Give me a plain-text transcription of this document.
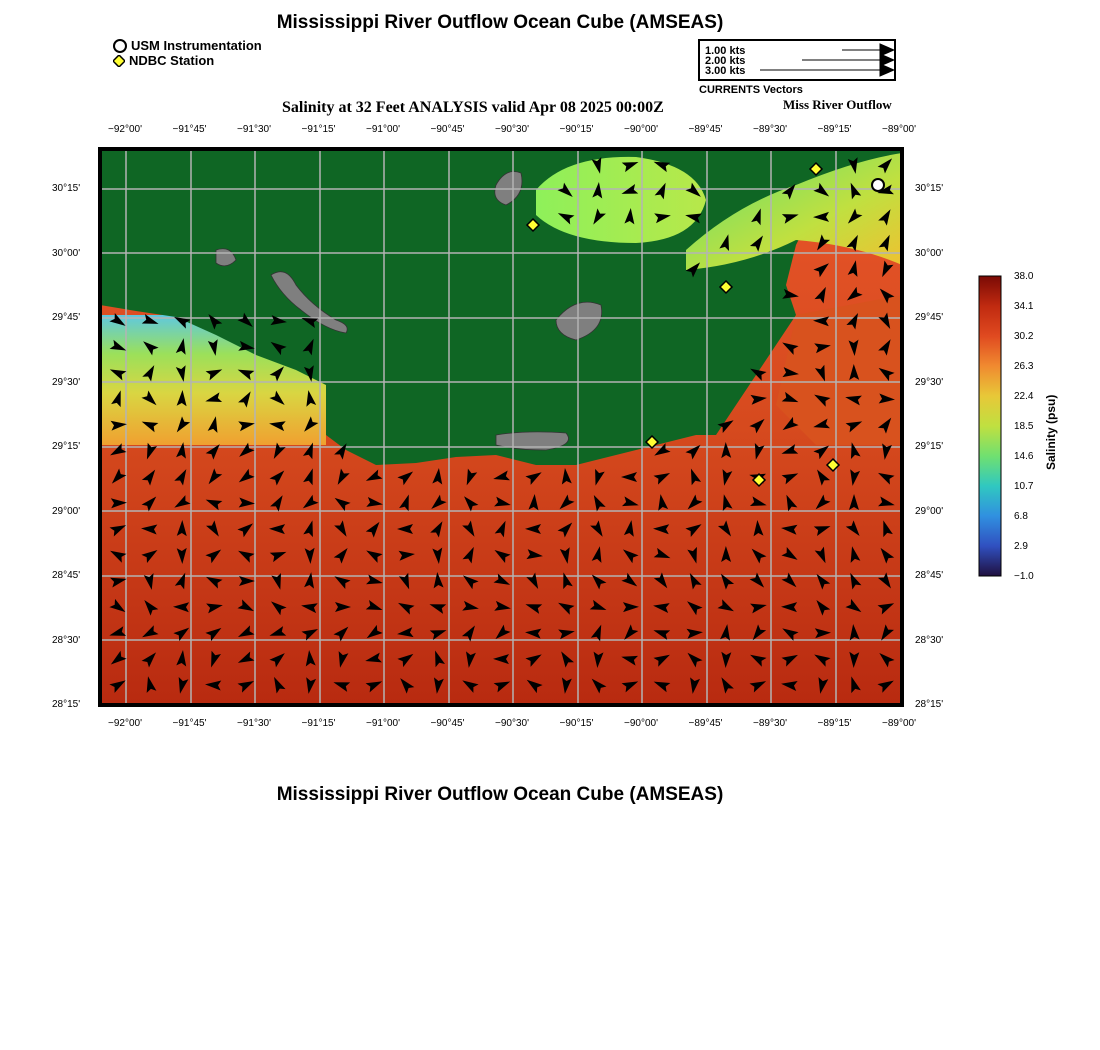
Mississippi River Outflow Ocean Cube (AMSEAS)
USM Instrumentation
NDBC Station
1.00 kts
2.00 kts
3.00 kts
CURRENTS Vectors
Salinity at 32 Feet ANALYSIS valid Apr 08 2025 00:00Z	Miss River Outflow
−92°00'	−91°45'	−91°30'	−91°15'	−91°00'	−90°45'	−90°30'	−90°15'	−90°00'	−89°45'	−89°30'	−89°15'	−89°00'
−92°00'	−91°45'	−91°30'	−91°15'	−91°00'	−90°45'	−90°30'	−90°15'	−90°00'	−89°45'	−89°30'	−89°15'	−89°00'
30°15'
30°00'
29°45'
29°30'
29°15'
29°00'
28°45'
28°30'
28°15'
30°15'
30°00'
29°45'
29°30'
29°15'
29°00'
28°45'
28°30'
28°15'
38.0
34.1
30.2
26.3
22.4
18.5
14.6
10.7
6.8
2.9
−1.0
Salinity (psu)
Mississippi River Outflow Ocean Cube (AMSEAS)
